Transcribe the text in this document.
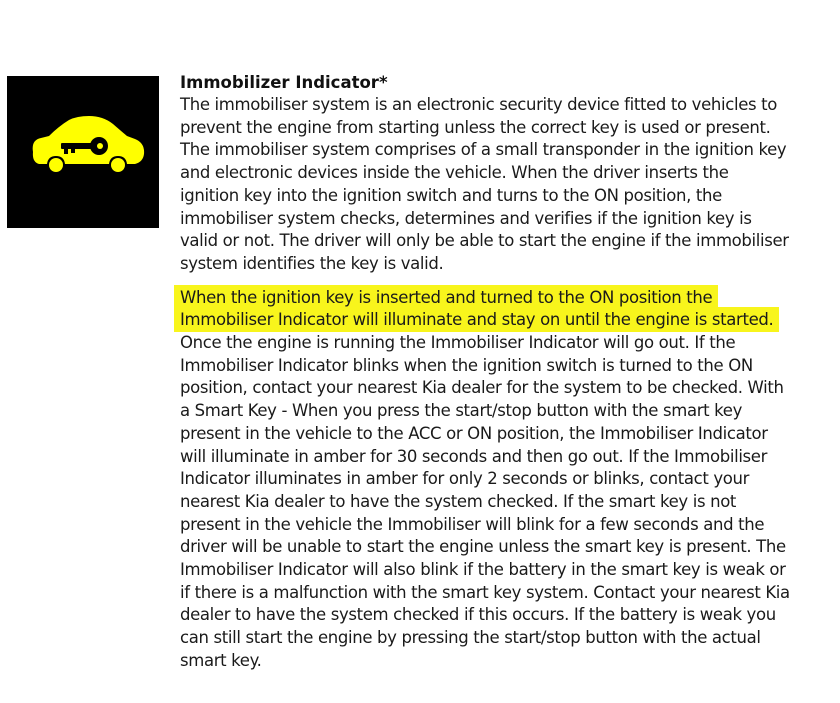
Immobilizer Indicator*

The immobiliser system is an electronic security device fitted to vehicles to prevent the engine from starting unless the correct key is used or present. The immobiliser system comprises of a small transponder in the ignition key and electronic devices inside the vehicle. When the driver inserts the ignition key into the ignition switch and turns to the ON position, the immobiliser system checks, determines and verifies if the ignition key is valid or not. The driver will only be able to start the engine if the immobiliser system identifies the key is valid.

When the ignition key is inserted and turned to the ON position the Immobiliser Indicator will illuminate and stay on until the engine is started. Once the engine is running the Immobiliser Indicator will go out. If the Immobiliser Indicator blinks when the ignition switch is turned to the ON position, contact your nearest Kia dealer for the system to be checked. With a Smart Key - When you press the start/stop button with the smart key present in the vehicle to the ACC or ON position, the Immobiliser Indicator will illuminate in amber for 30 seconds and then go out. If the Immobiliser Indicator illuminates in amber for only 2 seconds or blinks, contact your nearest Kia dealer to have the system checked. If the smart key is not present in the vehicle the Immobiliser will blink for a few seconds and the driver will be unable to start the engine unless the smart key is present. The Immobiliser Indicator will also blink if the battery in the smart key is weak or if there is a malfunction with the smart key system. Contact your nearest Kia dealer to have the system checked if this occurs. If the battery is weak you can still start the engine by pressing the start/stop button with the actual smart key.
